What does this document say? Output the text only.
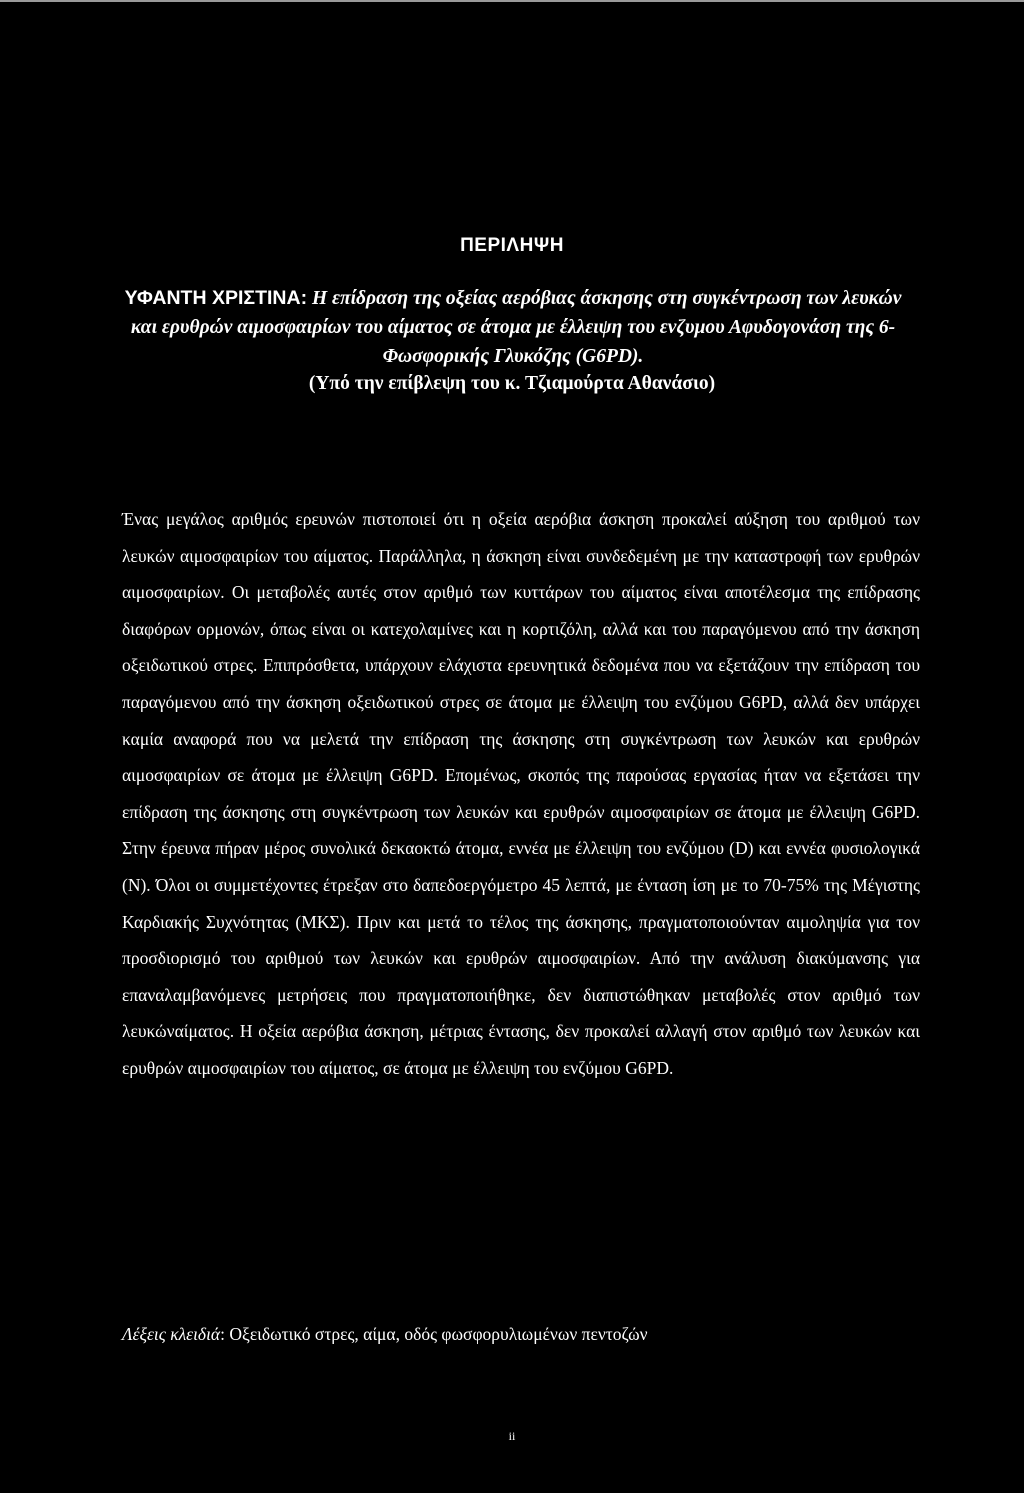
ΠΕΡΙΛΗΨΗ
ΥΦΑΝΤΗ ΧΡΙΣΤΙΝΑ: Η επίδραση της οξείας αερόβιας άσκησης στη συγκέντρωση των λευκών και ερυθρών αιμοσφαιρίων του αίματος σε άτομα με έλλειψη του ενζυμου Αφυδογονάση της 6-Φωσφορικής Γλυκόζης (G6PD).
(Υπό την επίβλεψη του κ. Τζιαμούρτα Αθανάσιο)

Ένας μεγάλος αριθμός ερευνών πιστοποιεί ότι η οξεία αερόβια άσκηση προκαλεί αύξηση του αριθμού των λευκών αιμοσφαιρίων του αίματος. Παράλληλα, η άσκηση είναι συνδεδεμένη με την καταστροφή των ερυθρών αιμοσφαιρίων. Οι μεταβολές αυτές στον αριθμό των κυττάρων του αίματος είναι αποτέλεσμα της επίδρασης διαφόρων ορμονών, όπως είναι οι κατεχολαμίνες και η κορτιζόλη, αλλά και του παραγόμενου από την άσκηση οξειδωτικού στρες. Επιπρόσθετα, υπάρχουν ελάχιστα ερευνητικά δεδομένα που να εξετάζουν την επίδραση του παραγόμενου από την άσκηση οξειδωτικού στρες σε άτομα με έλλειψη του ενζύμου G6PD, αλλά δεν υπάρχει καμία αναφορά που να μελετά την επίδραση της άσκησης στη συγκέντρωση των λευκών και ερυθρών αιμοσφαιρίων σε άτομα με έλλειψη G6PD. Επομένως, σκοπός της παρούσας εργασίας ήταν να εξετάσει την επίδραση της άσκησης στη συγκέντρωση των λευκών και ερυθρών αιμοσφαιρίων σε άτομα με έλλειψη G6PD. Στην έρευνα πήραν μέρος συνολικά δεκαοκτώ άτομα, εννέα με έλλειψη του ενζύμου (D) και εννέα φυσιολογικά (N). Όλοι οι συμμετέχοντες έτρεξαν στο δαπεδοεργόμετρο 45 λεπτά, με ένταση ίση με το 70-75% της Μέγιστης Καρδιακής Συχνότητας (ΜΚΣ). Πριν και μετά το τέλος της άσκησης, πραγματοποιούνταν αιμοληψία για τον προσδιορισμό του αριθμού των λευκών και ερυθρών αιμοσφαιρίων. Από την ανάλυση διακύμανσης για επαναλαμβανόμενες μετρήσεις που πραγματοποιήθηκε, δεν διαπιστώθηκαν μεταβολές στον αριθμό των λευκώναίματος. Η οξεία αερόβια άσκηση, μέτριας έντασης, δεν προκαλεί αλλαγή στον αριθμό των λευκών και ερυθρών αιμοσφαιρίων του αίματος, σε άτομα με έλλειψη του ενζύμου G6PD.

Λέξεις κλειδιά: Οξειδωτικό στρες, αίμα, οδός φωσφορυλιωμένων πεντοζών
ii
